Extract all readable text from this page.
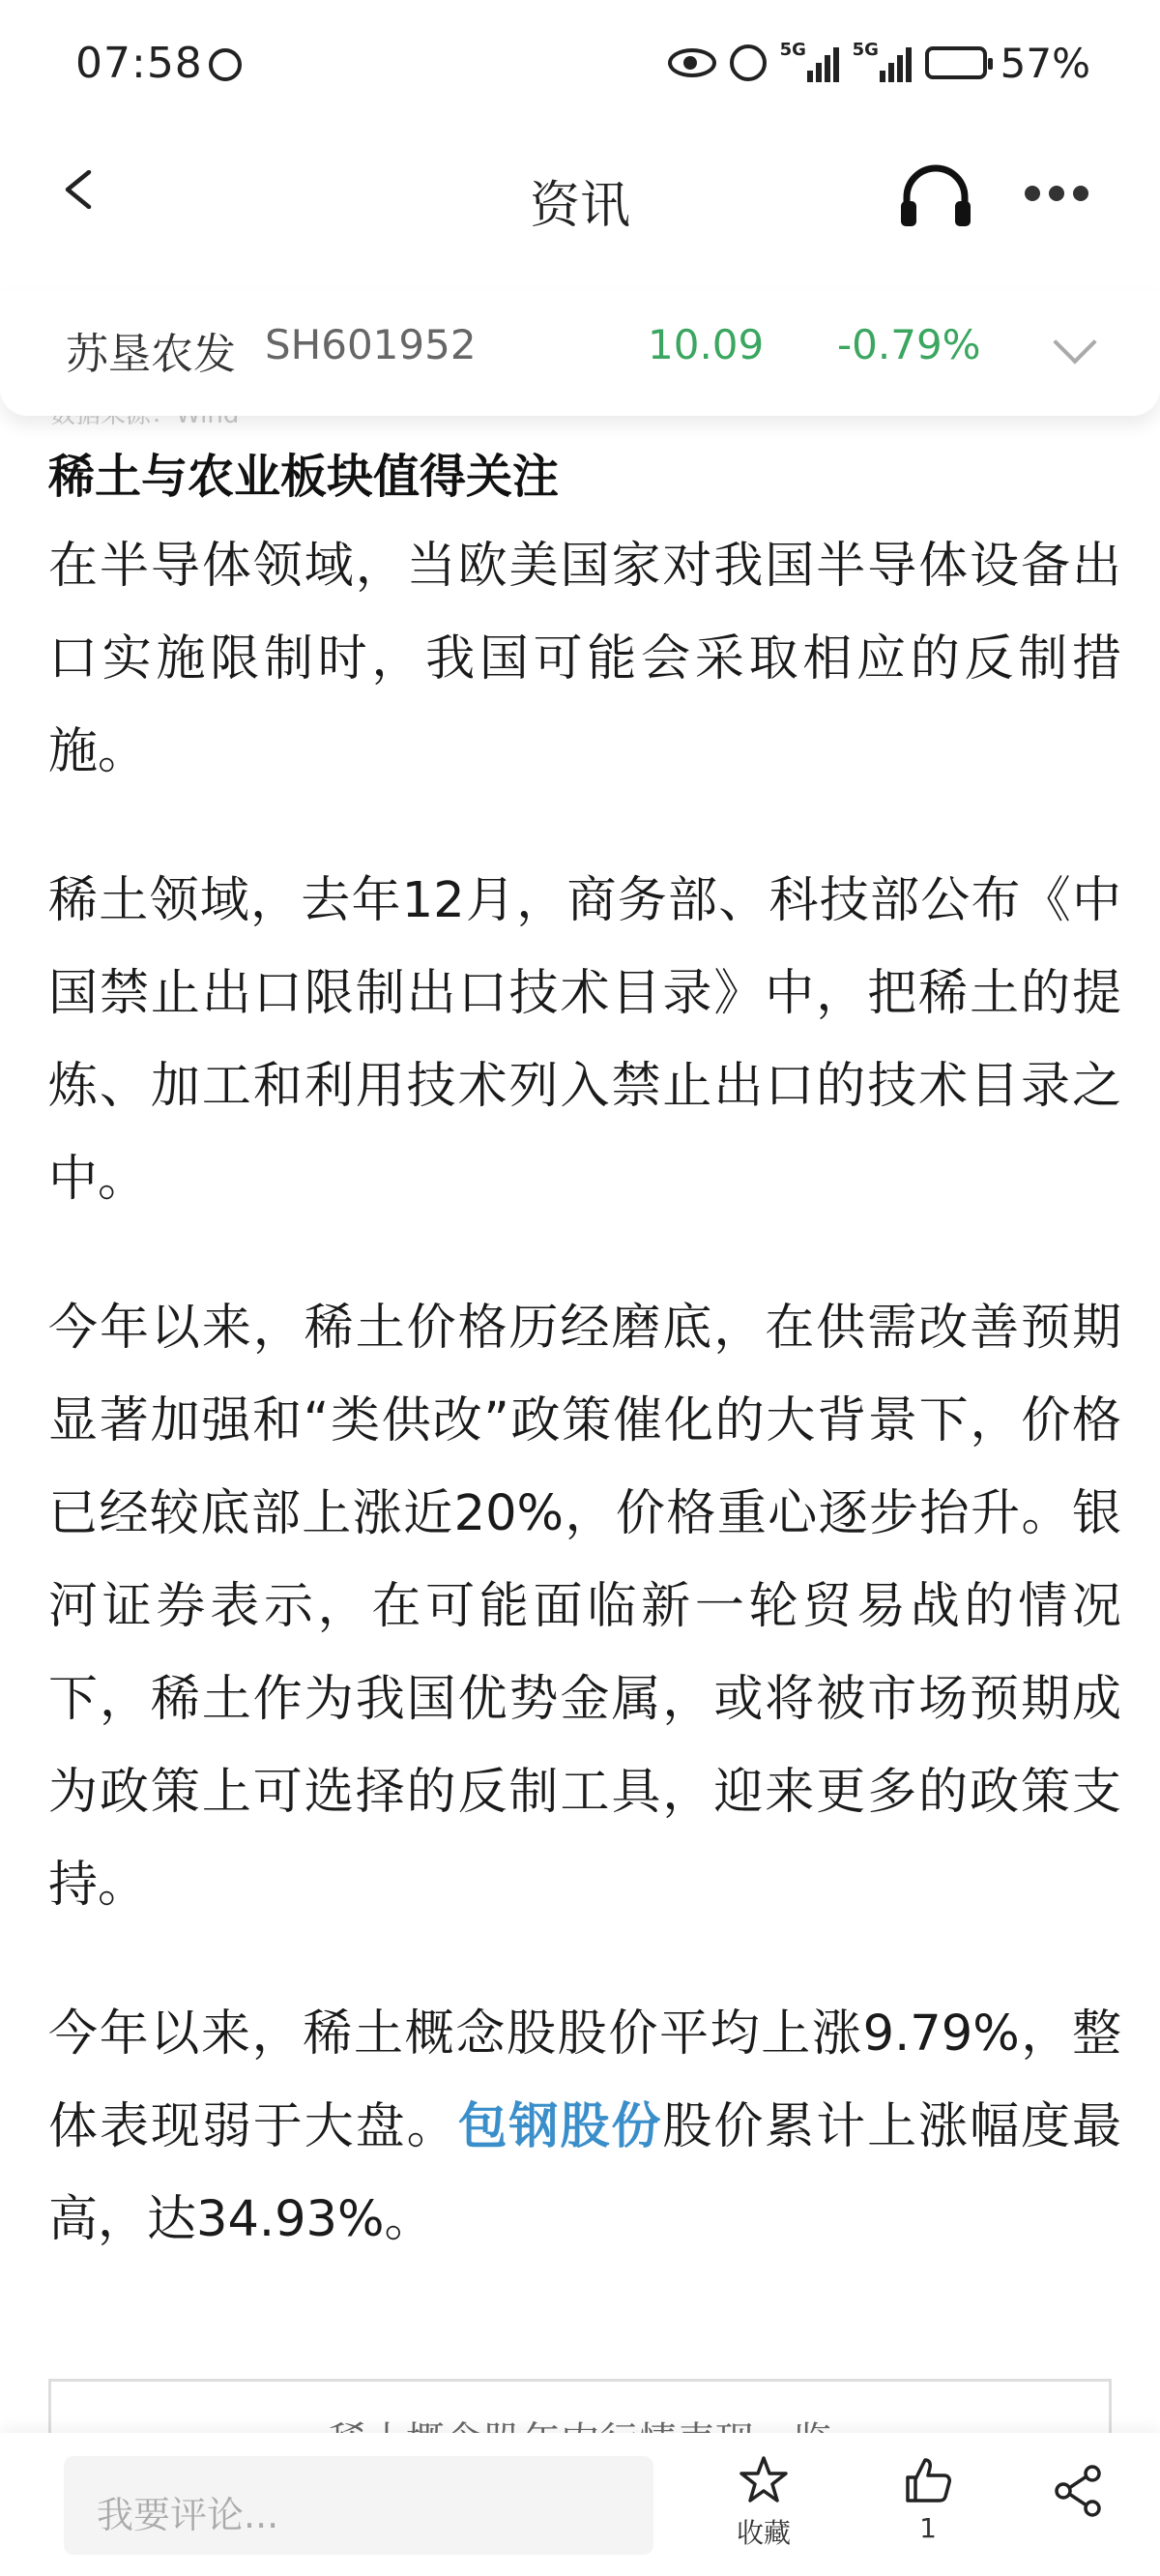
07:58	5G	5G	57%
资讯
苏垦农发 SH601952	10.09 -0.79%
稀土与农业板块值得关注

在半导体领域，当欧美国家对我国半导体设备出口实施限制时，我国可能会采取相应的反制措施。

稀土领域，去年12月，商务部、科技部公布《中国禁止出口限制出口技术目录》中，把稀土的提炼、加工和利用技术列入禁止出口的技术目录之中。

今年以来，稀土价格历经磨底，在供需改善预期显著加强和“类供改”政策催化的大背景下，价格已经较底部上涨近20%，价格重心逐步抬升。银河证券表示，在可能面临新一轮贸易战的情况下，稀土作为我国优势金属，或将被市场预期成为政策上可选择的反制工具，迎来更多的政策支持。

今年以来，稀土概念股股价平均上涨9.79%，整体表现弱于大盘。包钢股份股价累计上涨幅度最高，达34.93%。

我要评论...	收藏	1
